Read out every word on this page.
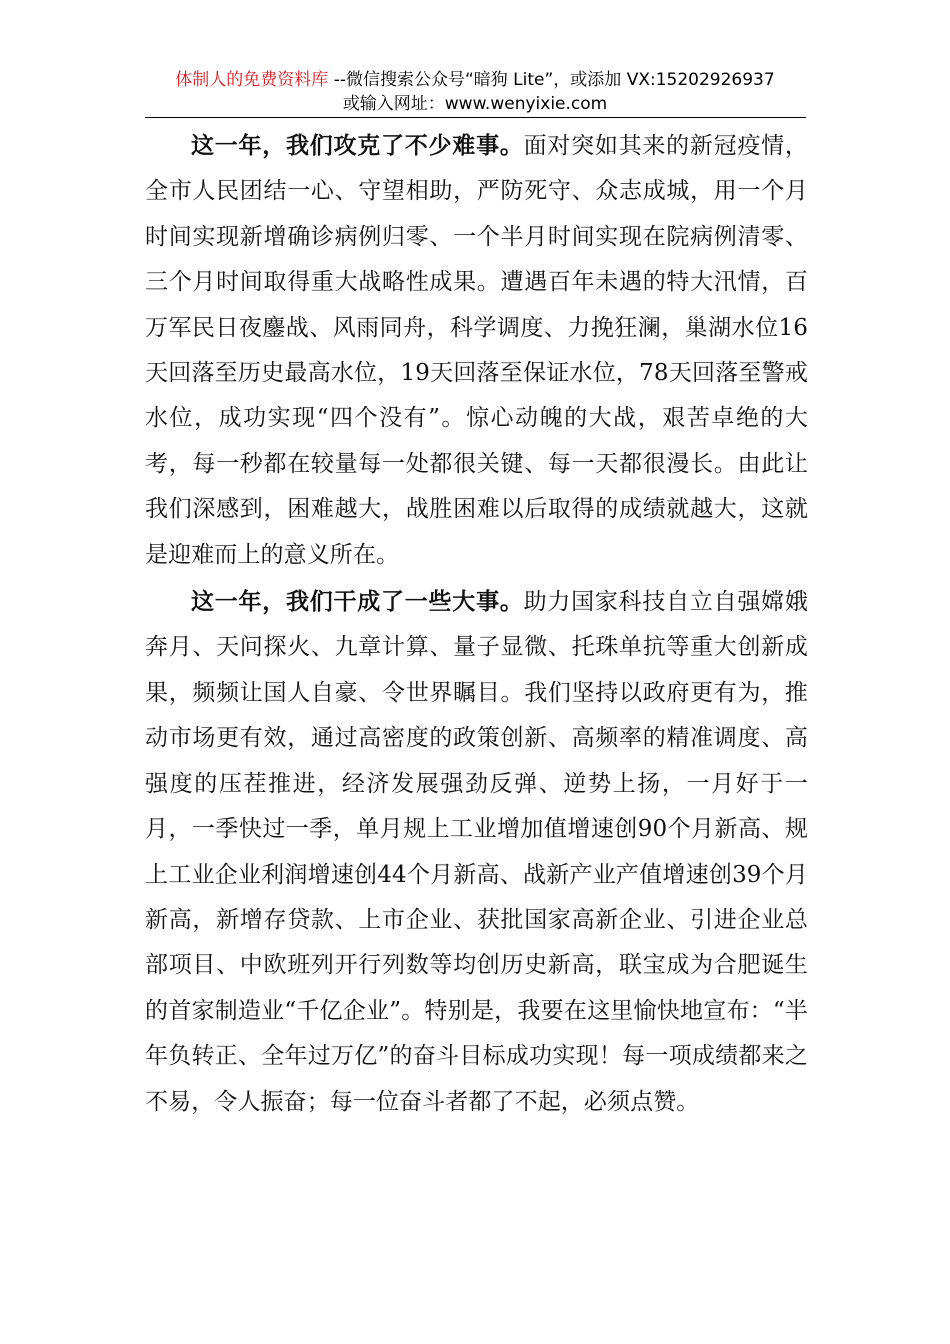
体制人的免费资料库 --微信搜索公众号“暗狗 Lite”，或添加 VX:15202926937
或输入网址：www.wenyixie.com

这一年，我们攻克了不少难事。面对突如其来的新冠疫情，全市人民团结一心、守望相助，严防死守、众志成城，用一个月时间实现新增确诊病例归零、一个半月时间实现在院病例清零、三个月时间取得重大战略性成果。遭遇百年未遇的特大汛情，百万军民日夜鏖战、风雨同舟，科学调度、力挽狂澜，巢湖水位16天回落至历史最高水位，19天回落至保证水位，78天回落至警戒水位，成功实现“四个没有”。惊心动魄的大战，艰苦卓绝的大考，每一秒都在较量每一处都很关键、每一天都很漫长。由此让我们深感到，困难越大，战胜困难以后取得的成绩就越大，这就是迎难而上的意义所在。

这一年，我们干成了一些大事。助力国家科技自立自强嫦娥奔月、天问探火、九章计算、量子显微、托珠单抗等重大创新成果，频频让国人自豪、令世界瞩目。我们坚持以政府更有为，推动市场更有效，通过高密度的政策创新、高频率的精准调度、高强度的压茬推进，经济发展强劲反弹、逆势上扬，一月好于一月，一季快过一季，单月规上工业增加值增速创90个月新高、规上工业企业利润增速创44个月新高、战新产业产值增速创39个月新高，新增存贷款、上市企业、获批国家高新企业、引进企业总部项目、中欧班列开行列数等均创历史新高，联宝成为合肥诞生的首家制造业“千亿企业”。特别是，我要在这里愉快地宣布：“半年负转正、全年过万亿”的奋斗目标成功实现！每一项成绩都来之不易，令人振奋；每一位奋斗者都了不起，必须点赞。
